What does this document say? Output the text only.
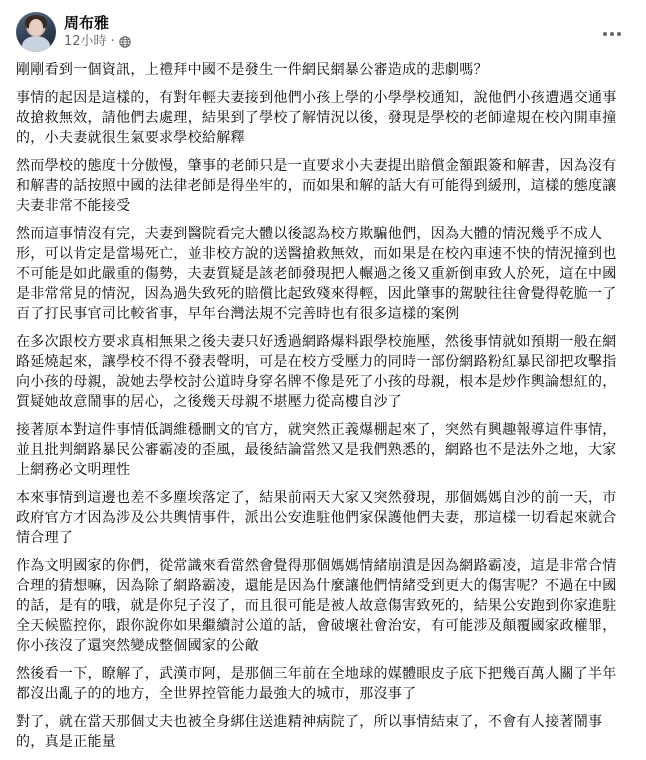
周布雅
12小時 ·

剛剛看到一個資訊，上禮拜中國不是發生一件網民網暴公審造成的悲劇嗎？

事情的起因是這樣的，有對年輕夫妻接到他們小孩上學的小學學校通知，說他們小孩遭遇交通事故搶救無效，請他們去處理，結果到了學校了解情況以後，發現是學校的老師違規在校內開車撞的，小夫妻就很生氣要求學校給解釋

然而學校的態度十分傲慢，肇事的老師只是一直要求小夫妻提出賠償金額跟簽和解書，因為沒有和解書的話按照中國的法律老師是得坐牢的，而如果和解的話大有可能得到緩刑，這樣的態度讓夫妻非常不能接受

然而這事情沒有完，夫妻到醫院看完大體以後認為校方欺騙他們，因為大體的情況幾乎不成人形，可以肯定是當場死亡，並非校方說的送醫搶救無效，而如果是在校內車速不快的情況撞到也不可能是如此嚴重的傷勢，夫妻質疑是該老師發現把人輾過之後又重新倒車致人於死，這在中國是非常常見的情況，因為過失致死的賠償比起致殘來得輕，因此肇事的駕駛往往會覺得乾脆一了百了打民事官司比較省事，早年台灣法規不完善時也有很多這樣的案例

在多次跟校方要求真相無果之後夫妻只好透過網路爆料跟學校施壓，然後事情就如預期一般在網路延燒起來，讓學校不得不發表聲明，可是在校方受壓力的同時一部份網路粉紅暴民卻把攻擊指向小孩的母親，說她去學校討公道時身穿名牌不像是死了小孩的母親，根本是炒作輿論想紅的，質疑她故意鬧事的居心，之後幾天母親不堪壓力從高樓自沙了

接著原本對這件事情低調維穩刪文的官方，就突然正義爆棚起來了，突然有興趣報導這件事情，並且批判網路暴民公審霸凌的歪風，最後結論當然又是我們熟悉的，網路也不是法外之地，大家上網務必文明理性

本來事情到這邊也差不多塵埃落定了，結果前兩天大家又突然發現，那個媽媽自沙的前一天，市政府官方才因為涉及公共輿情事件，派出公安進駐他們家保護他們夫妻，那這樣一切看起來就合情合理了

作為文明國家的你們，從常識來看當然會覺得那個媽媽情緒崩潰是因為網路霸凌，這是非常合情合理的猜想嘛，因為除了網路霸凌，還能是因為什麼讓他們情緒受到更大的傷害呢？不過在中國的話，是有的哦，就是你兒子沒了，而且很可能是被人故意傷害致死的，結果公安跑到你家進駐全天候監控你，跟你說你如果繼續討公道的話，會破壞社會治安，有可能涉及顛覆國家政權罪，你小孩沒了還突然變成整個國家的公敵

然後看一下，瞭解了，武漢市阿，是那個三年前在全地球的媒體眼皮子底下把幾百萬人關了半年都沒出亂子的的地方，全世界控管能力最強大的城市，那沒事了

對了，就在當天那個丈夫也被全身綁住送進精神病院了，所以事情結束了，不會有人接著鬧事的，真是正能量
